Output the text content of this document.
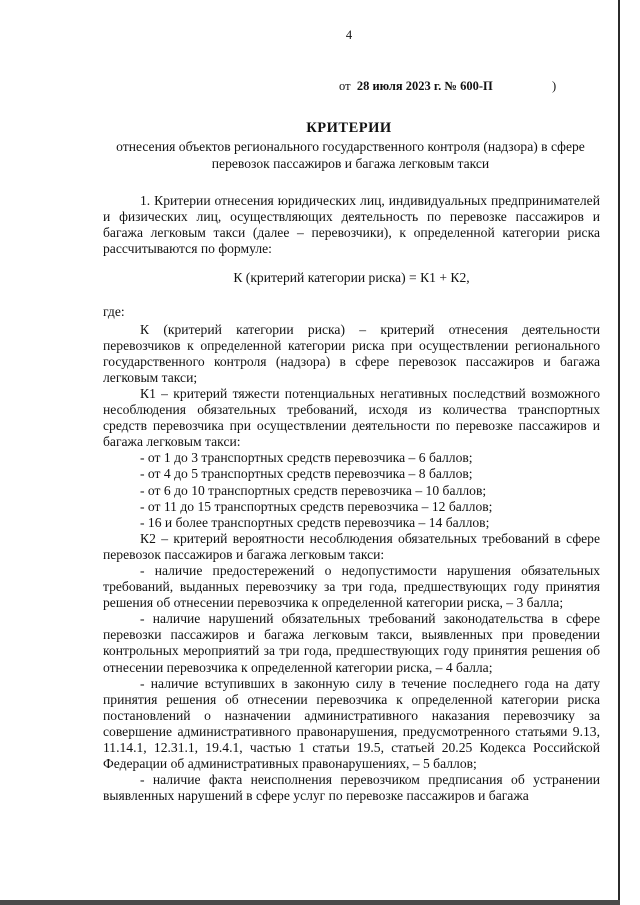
4
от 28 июля 2023 г. № 600-П	)
КРИТЕРИИ
отнесения объектов регионального государственного контроля (надзора) в сфере перевозок пассажиров и багажа легковым такси

1. Критерии отнесения юридических лиц, индивидуальных предпринимателей и физических лиц, осуществляющих деятельность по перевозке пассажиров и багажа легковым такси (далее – перевозчики), к определенной категории риска рассчитываются по формуле:

К (критерий категории риска) = К1 + К2,

где:

К (критерий категории риска) – критерий отнесения деятельности перевозчиков к определенной категории риска при осуществлении регионального государственного контроля (надзора) в сфере перевозок пассажиров и багажа легковым такси;

К1 – критерий тяжести потенциальных негативных последствий возможного несоблюдения обязательных требований, исходя из количества транспортных средств перевозчика при осуществлении деятельности по перевозке пассажиров и багажа легковым такси:

- от 1 до 3 транспортных средств перевозчика – 6 баллов;

- от 4 до 5 транспортных средств перевозчика – 8 баллов;

- от 6 до 10 транспортных средств перевозчика – 10 баллов;

- от 11 до 15 транспортных средств перевозчика – 12 баллов;

- 16 и более транспортных средств перевозчика – 14 баллов;

К2 – критерий вероятности несоблюдения обязательных требований в сфере перевозок пассажиров и багажа легковым такси:

- наличие предостережений о недопустимости нарушения обязательных требований, выданных перевозчику за три года, предшествующих году принятия решения об отнесении перевозчика к определенной категории риска, – 3 балла;

- наличие нарушений обязательных требований законодательства в сфере перевозки пассажиров и багажа легковым такси, выявленных при проведении контрольных мероприятий за три года, предшествующих году принятия решения об отнесении перевозчика к определенной категории риска, – 4 балла;

- наличие вступивших в законную силу в течение последнего года на дату принятия решения об отнесении перевозчика к определенной категории риска постановлений о назначении административного наказания перевозчику за совершение административного правонарушения, предусмотренного статьями 9.13, 11.14.1, 12.31.1, 19.4.1, частью 1 статьи 19.5, статьей 20.25 Кодекса Российской Федерации об административных правонарушениях, – 5 баллов;

- наличие факта неисполнения перевозчиком предписания об устранении выявленных нарушений в сфере услуг по перевозке пассажиров и багажа
